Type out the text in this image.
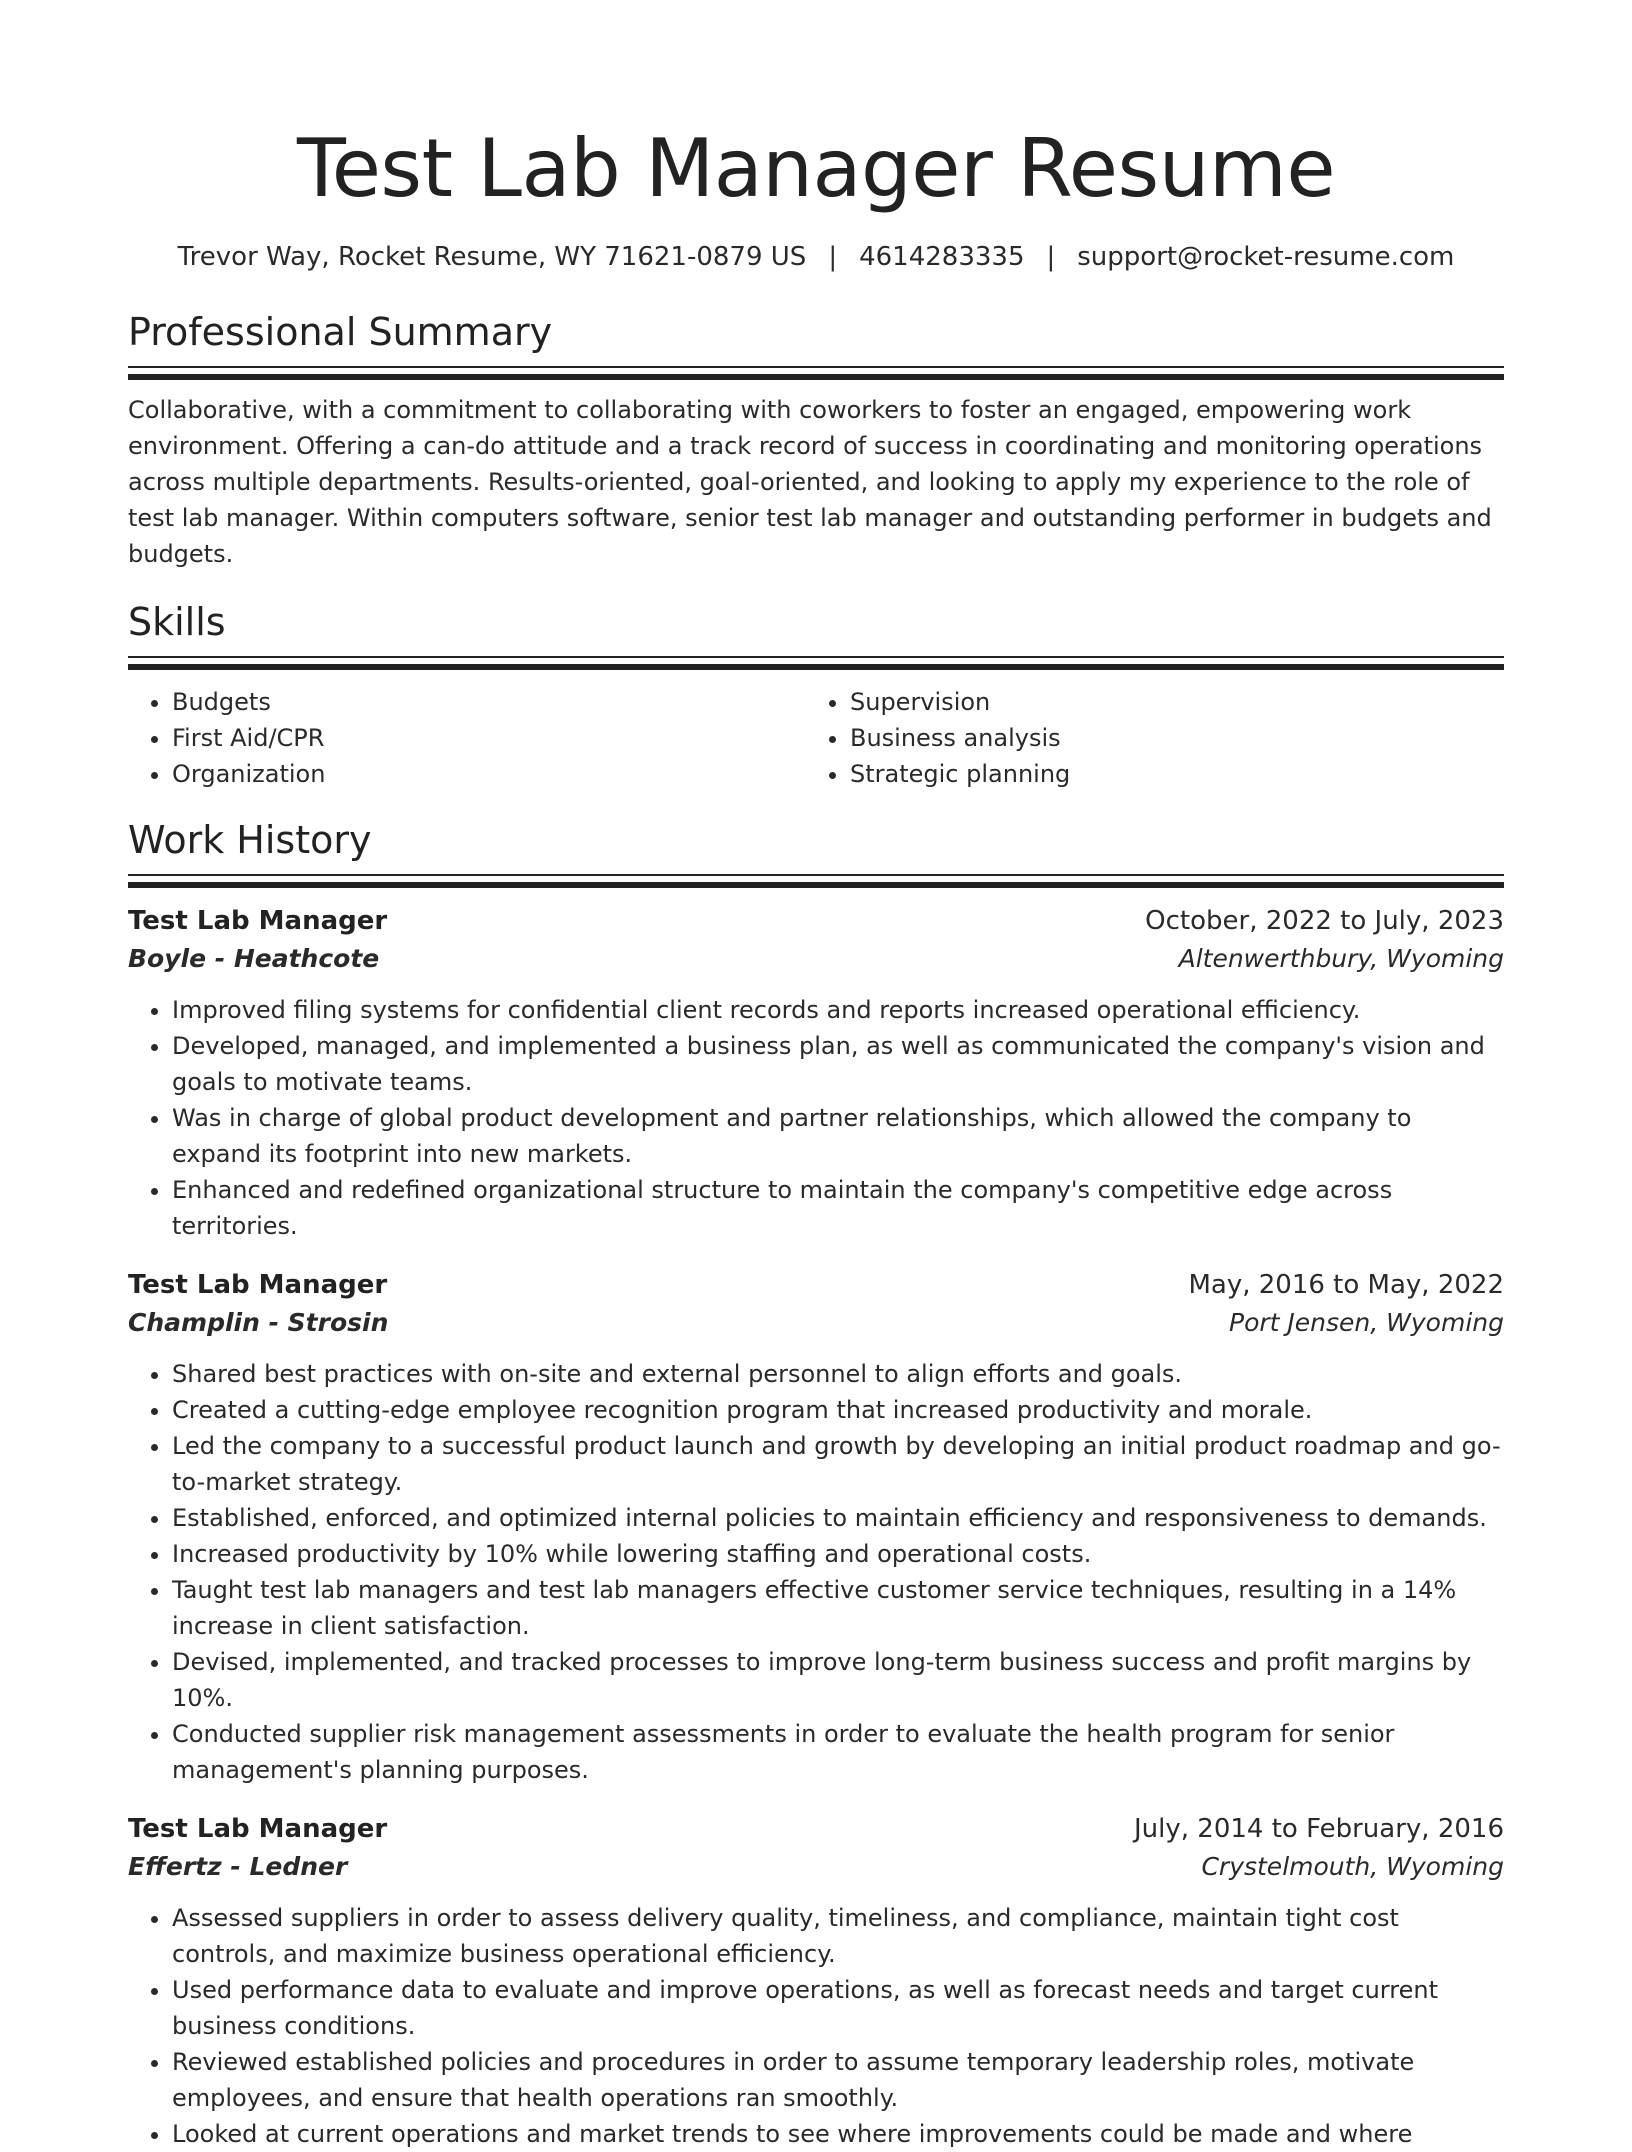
Test Lab Manager Resume
Trevor Way, Rocket Resume, WY 71621-0879 US | 4614283335 | support@rocket-resume.com
Professional Summary

Collaborative, with a commitment to collaborating with coworkers to foster an engaged, empowering work environment. Offering a can-do attitude and a track record of success in coordinating and monitoring operations across multiple departments. Results-oriented, goal-oriented, and looking to apply my experience to the role of test lab manager. Within computers software, senior test lab manager and outstanding performer in budgets and budgets.

Skills
• Budgets
• First Aid/CPR
• Organization
• Supervision
• Business analysis
• Strategic planning
Work History
Test Lab Manager	October, 2022 to July, 2023
Boyle - Heathcote	Altenwerthbury, Wyoming
• Improved filing systems for confidential client records and reports increased operational efficiency.
• Developed, managed, and implemented a business plan, as well as communicated the company's vision and goals to motivate teams.
• Was in charge of global product development and partner relationships, which allowed the company to expand its footprint into new markets.
• Enhanced and redefined organizational structure to maintain the company's competitive edge across territories.
Test Lab Manager	May, 2016 to May, 2022
Champlin - Strosin	Port Jensen, Wyoming
• Shared best practices with on-site and external personnel to align efforts and goals.
• Created a cutting-edge employee recognition program that increased productivity and morale.
• Led the company to a successful product launch and growth by developing an initial product roadmap and go-to-market strategy.
• Established, enforced, and optimized internal policies to maintain efficiency and responsiveness to demands.
• Increased productivity by 10% while lowering staffing and operational costs.
• Taught test lab managers and test lab managers effective customer service techniques, resulting in a 14% increase in client satisfaction.
• Devised, implemented, and tracked processes to improve long-term business success and profit margins by 10%.
• Conducted supplier risk management assessments in order to evaluate the health program for senior management's planning purposes.
Test Lab Manager	July, 2014 to February, 2016
Effertz - Ledner	Crystelmouth, Wyoming
• Assessed suppliers in order to assess delivery quality, timeliness, and compliance, maintain tight cost controls, and maximize business operational efficiency.
• Used performance data to evaluate and improve operations, as well as forecast needs and target current business conditions.
• Reviewed established policies and procedures in order to assume temporary leadership roles, motivate employees, and ensure that health operations ran smoothly.
• Looked at current operations and market trends to see where improvements could be made and where
